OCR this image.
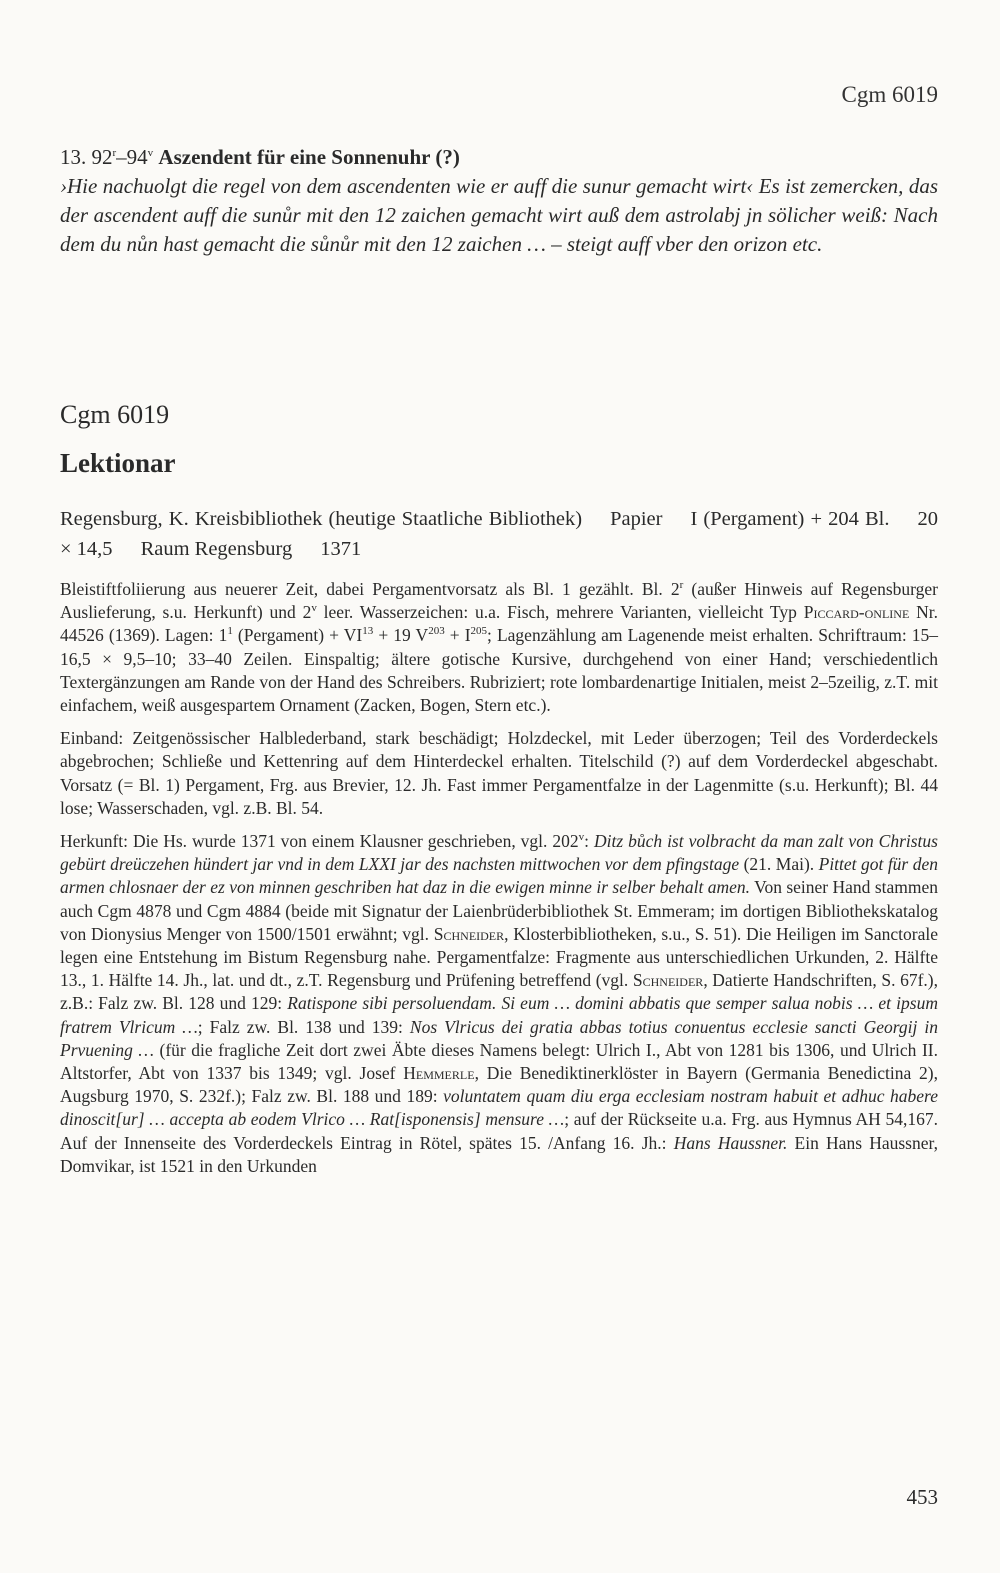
Cgm 6019

13. 92$^r$–94$^v$ Aszendent für eine Sonnenuhr (?)

›Hie nachuolgt die regel von dem ascendenten wie er auff die sunur gemacht wirt‹ Es ist zemercken, das der ascendent auff die sunůr mit den 12 zaichen gemacht wirt auß dem astrolabj jn sölicher weiß: Nach dem du nůn hast gemacht die sůnůr mit den 12 zaichen … – steigt auff vber den orizon etc.

Cgm 6019
Lektionar

Regensburg, K. Kreisbibliothek (heutige Staatliche Bibliothek) Papier I (Pergament) + 204 Bl. 20 × 14,5 Raum Regensburg 1371

Bleistiftfoliierung aus neuerer Zeit, dabei Pergamentvorsatz als Bl. 1 gezählt. Bl. 2$^r$ (außer Hinweis auf Regensburger Auslieferung, s.u. Herkunft) und 2$^v$ leer. Wasserzeichen: u.a. Fisch, mehrere Varianten, vielleicht Typ Piccard-online Nr. 44526 (1369). Lagen: $1^1$ (Pergament) + $VI^{13} + 19$ $V^{203} + I^{205}$; Lagenzählung am Lagenende meist erhalten. Schriftraum: 15–16,5 × 9,5–10; 33–40 Zeilen. Einspaltig; ältere gotische Kursive, durchgehend von einer Hand; verschiedentlich Textergänzungen am Rande von der Hand des Schreibers. Rubriziert; rote lombardenartige Initialen, meist 2–5zeilig, z.T. mit einfachem, weiß ausgespartem Ornament (Zacken, Bogen, Stern etc.).

Einband: Zeitgenössischer Halblederband, stark beschädigt; Holzdeckel, mit Leder überzogen; Teil des Vorderdeckels abgebrochen; Schließe und Kettenring auf dem Hinterdeckel erhalten. Titelschild (?) auf dem Vorderdeckel abgeschabt. Vorsatz (= Bl. 1) Pergament, Frg. aus Brevier, 12. Jh. Fast immer Pergamentfalze in der Lagenmitte (s.u. Herkunft); Bl. 44 lose; Wasserschaden, vgl. z.B. Bl. 54.

Herkunft: Die Hs. wurde 1371 von einem Klausner geschrieben, vgl. 202$^v$: Ditz bůch ist volbracht da man zalt von Christus gebürt dreüczehen hündert jar vnd in dem LXXI jar des nachsten mittwochen vor dem pfingstage (21. Mai). Pittet got für den armen chlosnaer der ez von minnen geschriben hat daz in die ewigen minne ir selber behalt amen. Von seiner Hand stammen auch Cgm 4878 und Cgm 4884 (beide mit Signatur der Laienbrüderbibliothek St. Emmeram; im dortigen Bibliothekskatalog von Dionysius Menger von 1500/1501 erwähnt; vgl. Schneider, Klosterbibliotheken, s.u., S. 51). Die Heiligen im Sanctorale legen eine Entstehung im Bistum Regensburg nahe. Pergamentfalze: Fragmente aus unterschiedlichen Urkunden, 2. Hälfte 13., 1. Hälfte 14. Jh., lat. und dt., z.T. Regensburg und Prüfening betreffend (vgl. Schneider, Datierte Handschriften, S. 67f.), z.B.: Falz zw. Bl. 128 und 129: Ratispone sibi persoluendam. Si eum … domini abbatis que semper salua nobis … et ipsum fratrem Vlricum …; Falz zw. Bl. 138 und 139: Nos Vlricus dei gratia abbas totius conuentus ecclesie sancti Georgij in Prvuening … (für die fragliche Zeit dort zwei Äbte dieses Namens belegt: Ulrich I., Abt von 1281 bis 1306, und Ulrich II. Altstorfer, Abt von 1337 bis 1349; vgl. Josef Hemmerle, Die Benediktinerklöster in Bayern (Germania Benedictina 2), Augsburg 1970, S. 232f.); Falz zw. Bl. 188 und 189: voluntatem quam diu erga ecclesiam nostram habuit et adhuc habere dinoscit[ur] … accepta ab eodem Vlrico … Rat[isponensis] mensure …; auf der Rückseite u.a. Frg. aus Hymnus AH 54,167. Auf der Innenseite des Vorderdeckels Eintrag in Rötel, spätes 15. /Anfang 16. Jh.: Hans Haussner. Ein Hans Haussner, Domvikar, ist 1521 in den Urkunden

453
